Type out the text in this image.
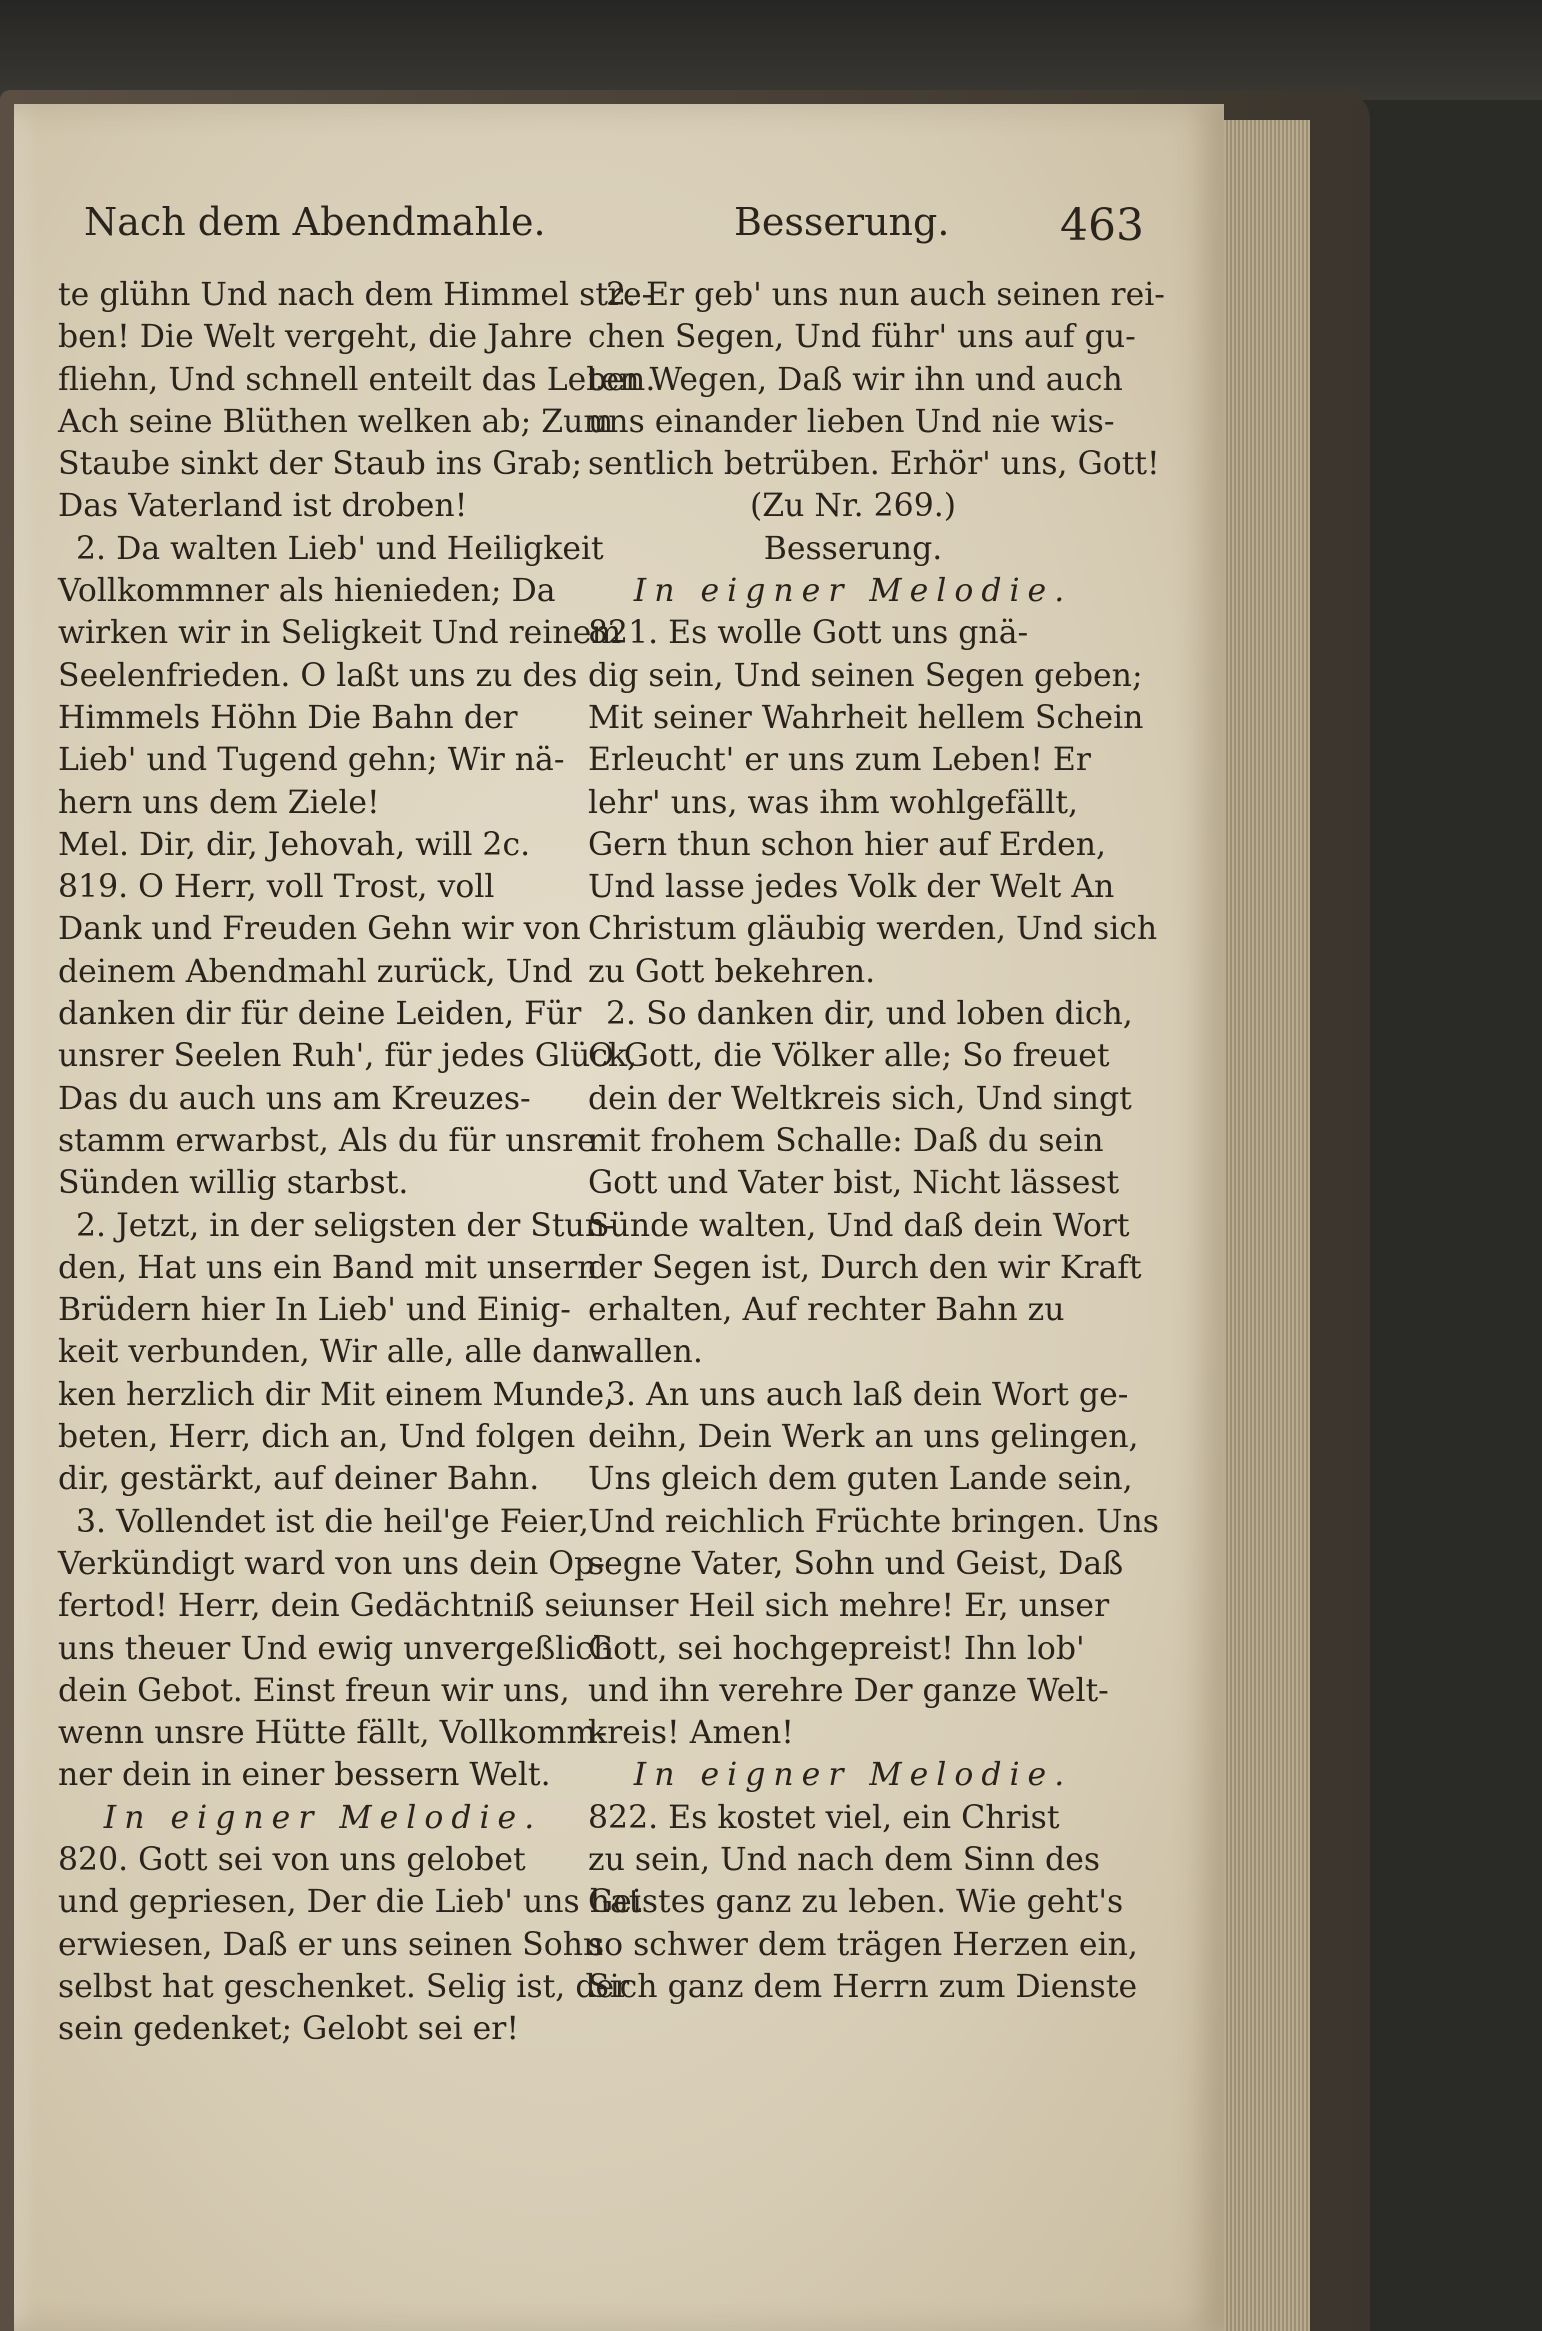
Nach dem Abendmahle.	Besserung.	463
te glühn Und nach dem Himmel stre-
ben! Die Welt vergeht, die Jahre
fliehn, Und schnell enteilt das Leben.
Ach seine Blüthen welken ab; Zum
Staube sinkt der Staub ins Grab;
Das Vaterland ist droben!
2. Da walten Lieb' und Heiligkeit
Vollkommner als hienieden; Da
wirken wir in Seligkeit Und reinem
Seelenfrieden. O laßt uns zu des
Himmels Höhn Die Bahn der
Lieb' und Tugend gehn; Wir nä-
hern uns dem Ziele!
Mel. Dir, dir, Jehovah, will 2c.
819. O Herr, voll Trost, voll
Dank und Freuden Gehn wir von
deinem Abendmahl zurück, Und
danken dir für deine Leiden, Für
unsrer Seelen Ruh', für jedes Glück,
Das du auch uns am Kreuzes-
stamm erwarbst, Als du für unsre
Sünden willig starbst.
2. Jetzt, in der seligsten der Stun-
den, Hat uns ein Band mit unsern
Brüdern hier In Lieb' und Einig-
keit verbunden, Wir alle, alle dan-
ken herzlich dir Mit einem Munde,
beten, Herr, dich an, Und folgen
dir, gestärkt, auf deiner Bahn.
3. Vollendet ist die heil'ge Feier,
Verkündigt ward von uns dein Op-
fertod! Herr, dein Gedächtniß sei
uns theuer Und ewig unvergeßlich
dein Gebot. Einst freun wir uns,
wenn unsre Hütte fällt, Vollkomm-
ner dein in einer bessern Welt.
In eigner Melodie.
820. Gott sei von uns gelobet
und gepriesen, Der die Lieb' uns hat
erwiesen, Daß er uns seinen Sohn
selbst hat geschenket. Selig ist, der
sein gedenket; Gelobt sei er!
2. Er geb' uns nun auch seinen rei-
chen Segen, Und führ' uns auf gu-
ten Wegen, Daß wir ihn und auch
uns einander lieben Und nie wis-
sentlich betrüben. Erhör' uns, Gott!
(Zu Nr. 269.)
Besserung.
In eigner Melodie.
821. Es wolle Gott uns gnä-
dig sein, Und seinen Segen geben;
Mit seiner Wahrheit hellem Schein
Erleucht' er uns zum Leben! Er
lehr' uns, was ihm wohlgefällt,
Gern thun schon hier auf Erden,
Und lasse jedes Volk der Welt An
Christum gläubig werden, Und sich
zu Gott bekehren.
2. So danken dir, und loben dich,
O Gott, die Völker alle; So freuet
dein der Weltkreis sich, Und singt
mit frohem Schalle: Daß du sein
Gott und Vater bist, Nicht lässest
Sünde walten, Und daß dein Wort
der Segen ist, Durch den wir Kraft
erhalten, Auf rechter Bahn zu
wallen.
3. An uns auch laß dein Wort ge-
deihn, Dein Werk an uns gelingen,
Uns gleich dem guten Lande sein,
Und reichlich Früchte bringen. Uns
segne Vater, Sohn und Geist, Daß
unser Heil sich mehre! Er, unser
Gott, sei hochgepreist! Ihn lob'
und ihn verehre Der ganze Welt-
kreis! Amen!
In eigner Melodie.
822. Es kostet viel, ein Christ
zu sein, Und nach dem Sinn des
Geistes ganz zu leben. Wie geht's
so schwer dem trägen Herzen ein,
Sich ganz dem Herrn zum Dienste
